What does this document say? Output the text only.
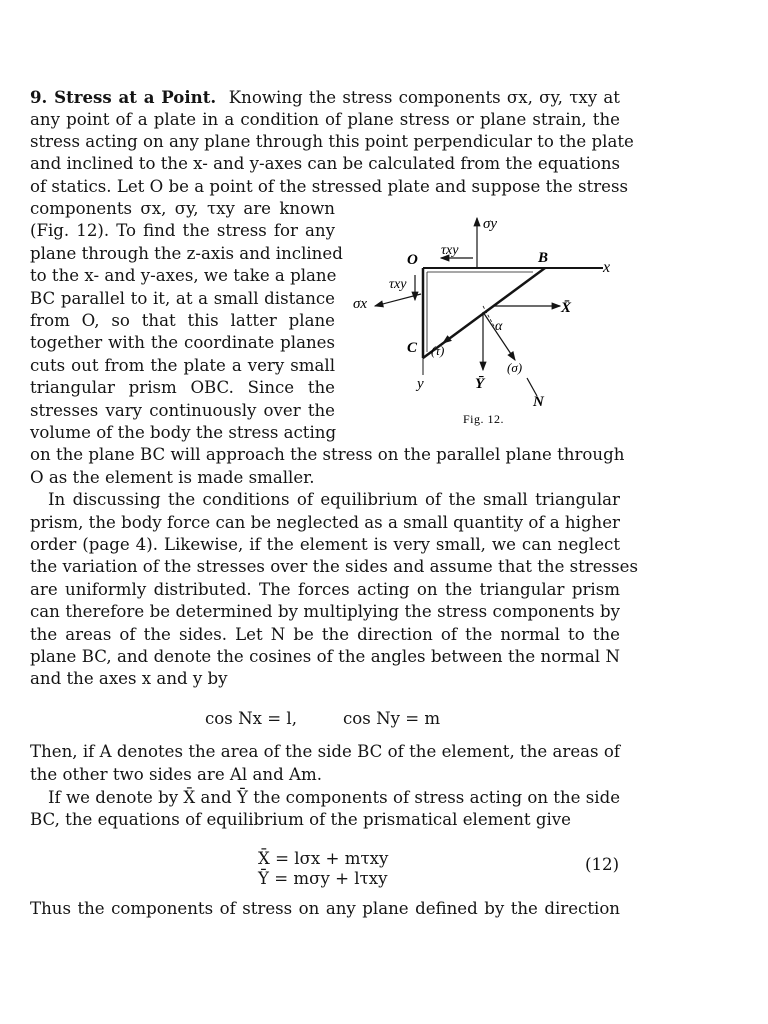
9. Stress at a Point. Knowing the stress components σx, σy, τxy at
any point of a plate in a condition of plane stress or plane strain, the
stress acting on any plane through this point perpendicular to the plate
and inclined to the x- and y-axes can be calculated from the equations
of statics. Let O be a point of the stressed plate and suppose the stress
components σx, σy, τxy are known
(Fig. 12). To find the stress for any
plane through the z-axis and inclined
to the x- and y-axes, we take a plane
BC parallel to it, at a small distance
from O, so that this latter plane
together with the coordinate planes
cuts out from the plate a very small
triangular prism OBC. Since the
stresses vary continuously over the
volume of the body the stress acting
on the plane BC will approach the stress on the parallel plane through
O as the element is made smaller.
σy
τxy
O	B
x
τxy
σx	X̄
α
C (τ)
(σ)
y	Ȳ
N
Fig. 12.
In discussing the conditions of equilibrium of the small triangular
prism, the body force can be neglected as a small quantity of a higher
order (page 4). Likewise, if the element is very small, we can neglect
the variation of the stresses over the sides and assume that the stresses
are uniformly distributed. The forces acting on the triangular prism
can therefore be determined by multiplying the stress components by
the areas of the sides. Let N be the direction of the normal to the
plane BC, and denote the cosines of the angles between the normal N
and the axes x and y by
cos Nx = l,	cos Ny = m
Then, if A denotes the area of the side BC of the element, the areas of
the other two sides are Al and Am.
If we denote by X̄ and Ȳ the components of stress acting on the side
BC, the equations of equilibrium of the prismatical element give
X̄ = lσx + mτxy
Ȳ = mσy + lτxy
(12)
Thus the components of stress on any plane defined by the direction
